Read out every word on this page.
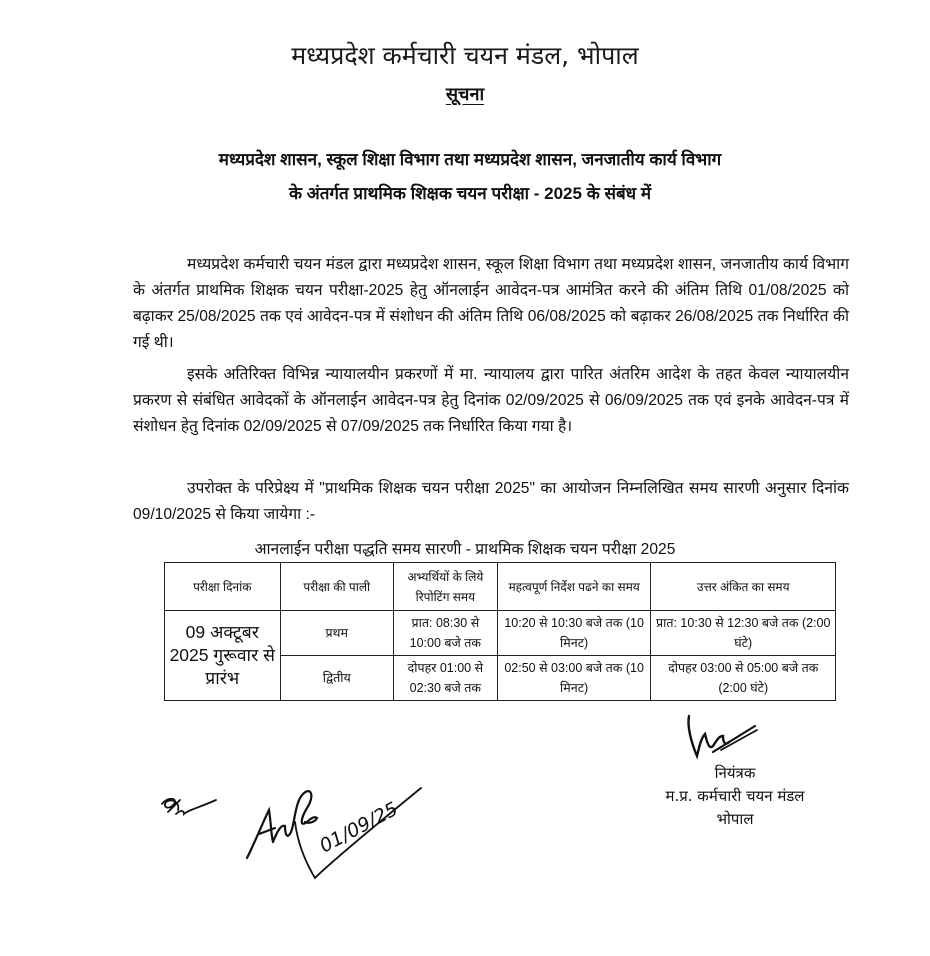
मध्यप्रदेश कर्मचारी चयन मंडल, भोपाल
सूचना
मध्यप्रदेश शासन, स्कूल शिक्षा विभाग तथा मध्यप्रदेश शासन, जनजातीय कार्य विभाग
के अंतर्गत प्राथमिक शिक्षक चयन परीक्षा - 2025 के संबंध में
मध्यप्रदेश कर्मचारी चयन मंडल द्वारा मध्यप्रदेश शासन, स्कूल शिक्षा विभाग तथा मध्यप्रदेश शासन, जनजातीय कार्य विभाग के अंतर्गत प्राथमिक शिक्षक चयन परीक्षा-2025 हेतु ऑनलाईन आवेदन-पत्र आमंत्रित करने की अंतिम तिथि 01/08/2025 को बढ़ाकर 25/08/2025 तक एवं आवेदन-पत्र में संशोधन की अंतिम तिथि 06/08/2025 को बढ़ाकर 26/08/2025 तक निर्धारित की गई थी।
इसके अतिरिक्त विभिन्न न्यायालयीन प्रकरणों में मा. न्यायालय द्वारा पारित अंतरिम आदेश के तहत केवल न्यायालयीन प्रकरण से संबंधित आवेदकों के ऑनलाईन आवेदन-पत्र हेतु दिनांक 02/09/2025 से 06/09/2025 तक एवं इनके आवेदन-पत्र में संशोधन हेतु दिनांक 02/09/2025 से 07/09/2025 तक निर्धारित किया गया है।
उपरोक्त के परिप्रेक्ष्य में "प्राथमिक शिक्षक चयन परीक्षा 2025" का आयोजन निम्नलिखित समय सारणी अनुसार दिनांक 09/10/2025 से किया जायेगा :-
आनलाईन परीक्षा पद्धति समय सारणी - प्राथमिक शिक्षक चयन परीक्षा 2025
परीक्षा दिनांक	परीक्षा की पाली	अभ्यर्थियों के लिये रिपोटिंग समय	महत्वपूर्ण निर्देश पढने का समय	उत्तर अंकित का समय
09 अक्टूबर 2025 गुरूवार से प्रारंभ	प्रथम	प्रात: 08:30 से 10:00 बजे तक	10:20 से 10:30 बजे तक (10 मिनट)	प्रात: 10:30 से 12:30 बजे तक (2:00 घंटे)
	द्वितीय	दोपहर 01:00 से 02:30 बजे तक	02:50 से 03:00 बजे तक (10 मिनट)	दोपहर 03:00 से 05:00 बजे तक (2:00 घंटे)
नियंत्रक
म.प्र. कर्मचारी चयन मंडल
भोपाल
01/09/25
